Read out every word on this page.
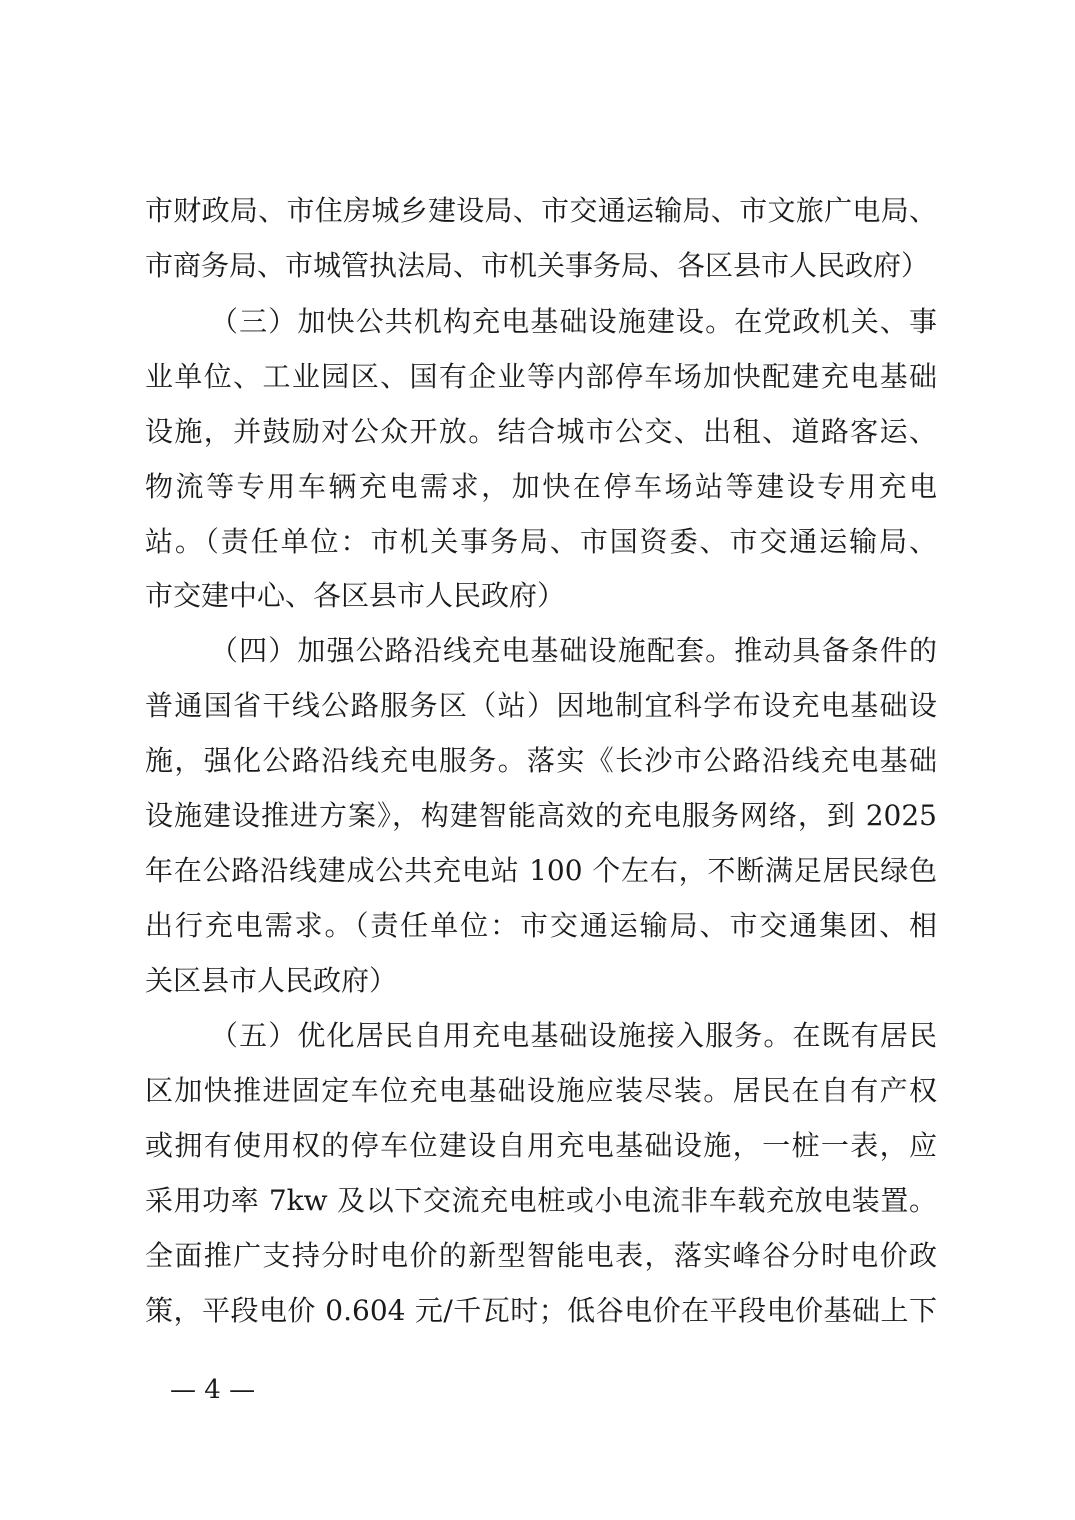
市财政局、市住房城乡建设局、市交通运输局、市文旅广电局、
市商务局、市城管执法局、市机关事务局、各区县市人民政府）
（三）加快公共机构充电基础设施建设。在党政机关、事
业单位、工业园区、国有企业等内部停车场加快配建充电基础
设施，并鼓励对公众开放。结合城市公交、出租、道路客运、
物流等专用车辆充电需求，加快在停车场站等建设专用充电
站。（责任单位：市机关事务局、市国资委、市交通运输局、
市交建中心、各区县市人民政府）
（四）加强公路沿线充电基础设施配套。推动具备条件的
普通国省干线公路服务区（站）因地制宜科学布设充电基础设
施，强化公路沿线充电服务。落实《长沙市公路沿线充电基础
设施建设推进方案》，构建智能高效的充电服务网络，到 2025
年在公路沿线建成公共充电站 100 个左右，不断满足居民绿色
出行充电需求。（责任单位：市交通运输局、市交通集团、相
关区县市人民政府）
（五）优化居民自用充电基础设施接入服务。在既有居民
区加快推进固定车位充电基础设施应装尽装。居民在自有产权
或拥有使用权的停车位建设自用充电基础设施，一桩一表，应
采用功率 7kw 及以下交流充电桩或小电流非车载充放电装置。
全面推广支持分时电价的新型智能电表，落实峰谷分时电价政
策，平段电价 0.604 元/千瓦时；低谷电价在平段电价基础上下
— 4 —
